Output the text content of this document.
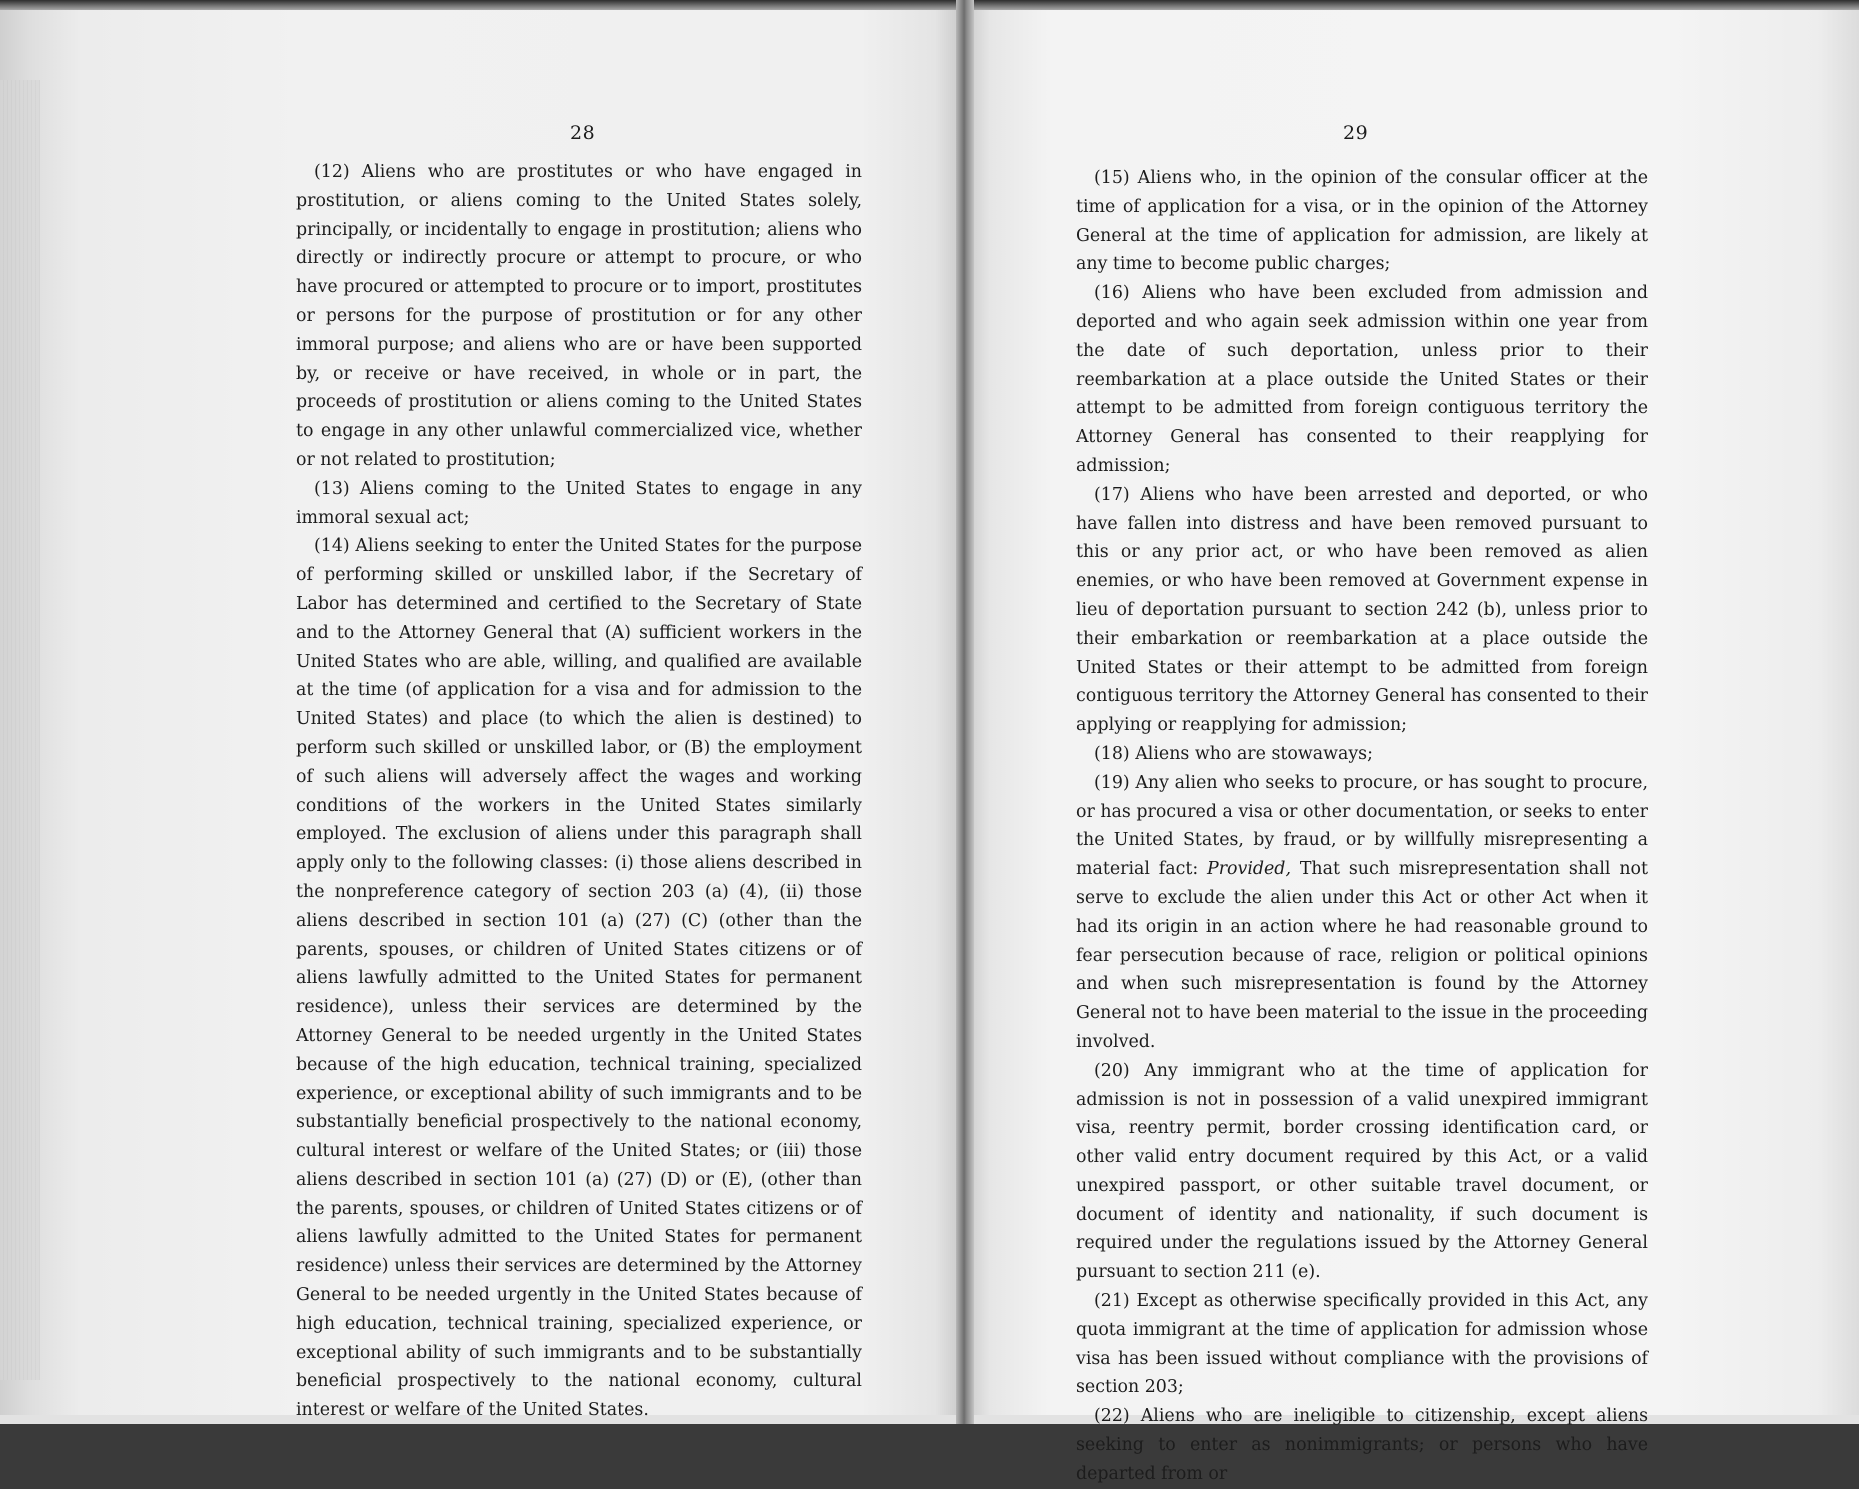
28

(12) Aliens who are prostitutes or who have engaged in prostitution, or aliens coming to the United States solely, principally, or incidentally to engage in prostitution; aliens who directly or indirectly procure or attempt to procure, or who have procured or attempted to procure or to import, prostitutes or persons for the purpose of prostitution or for any other immoral purpose; and aliens who are or have been supported by, or receive or have received, in whole or in part, the proceeds of prostitution or aliens coming to the United States to engage in any other unlawful commercialized vice, whether or not related to prostitution;

(13) Aliens coming to the United States to engage in any immoral sexual act;

(14) Aliens seeking to enter the United States for the purpose of performing skilled or unskilled labor, if the Secretary of Labor has determined and certified to the Secretary of State and to the Attorney General that (A) sufficient workers in the United States who are able, willing, and qualified are available at the time (of application for a visa and for admission to the United States) and place (to which the alien is destined) to perform such skilled or unskilled labor, or (B) the employment of such aliens will adversely affect the wages and working conditions of the workers in the United States similarly employed. The exclusion of aliens under this paragraph shall apply only to the following classes: (i) those aliens described in the nonpreference category of section 203 (a) (4), (ii) those aliens described in section 101 (a) (27) (C) (other than the parents, spouses, or children of United States citizens or of aliens lawfully admitted to the United States for permanent residence), unless their services are determined by the Attorney General to be needed urgently in the United States because of the high education, technical training, specialized experience, or exceptional ability of such immigrants and to be substantially beneficial prospectively to the national economy, cultural interest or welfare of the United States; or (iii) those aliens described in section 101 (a) (27) (D) or (E), (other than the parents, spouses, or children of United States citizens or of aliens lawfully admitted to the United States for permanent residence) unless their services are determined by the Attorney General to be needed urgently in the United States because of high education, technical training, specialized experience, or exceptional ability of such immigrants and to be substantially beneficial prospectively to the national economy, cultural interest or welfare of the United States.

29

(15) Aliens who, in the opinion of the consular officer at the time of application for a visa, or in the opinion of the Attorney General at the time of application for admission, are likely at any time to become public charges;

(16) Aliens who have been excluded from admission and deported and who again seek admission within one year from the date of such deportation, unless prior to their reembarkation at a place outside the United States or their attempt to be admitted from foreign contiguous territory the Attorney General has consented to their reapplying for admission;

(17) Aliens who have been arrested and deported, or who have fallen into distress and have been removed pursuant to this or any prior act, or who have been removed as alien enemies, or who have been removed at Government expense in lieu of deportation pursuant to section 242 (b), unless prior to their embarkation or reembarkation at a place outside the United States or their attempt to be admitted from foreign contiguous territory the Attorney General has consented to their applying or reapplying for admission;

(18) Aliens who are stowaways;

(19) Any alien who seeks to procure, or has sought to procure, or has procured a visa or other documentation, or seeks to enter the United States, by fraud, or by willfully misrepresenting a material fact: Provided, That such misrepresentation shall not serve to exclude the alien under this Act or other Act when it had its origin in an action where he had reasonable ground to fear persecution because of race, religion or political opinions and when such misrepresentation is found by the Attorney General not to have been material to the issue in the proceeding involved.

(20) Any immigrant who at the time of application for admission is not in possession of a valid unexpired immigrant visa, reentry permit, border crossing identification card, or other valid entry document required by this Act, or a valid unexpired passport, or other suitable travel document, or document of identity and nationality, if such document is required under the regulations issued by the Attorney General pursuant to section 211 (e).

(21) Except as otherwise specifically provided in this Act, any quota immigrant at the time of application for admission whose visa has been issued without compliance with the provisions of section 203;

(22) Aliens who are ineligible to citizenship, except aliens seeking to enter as nonimmigrants; or persons who have departed from or
